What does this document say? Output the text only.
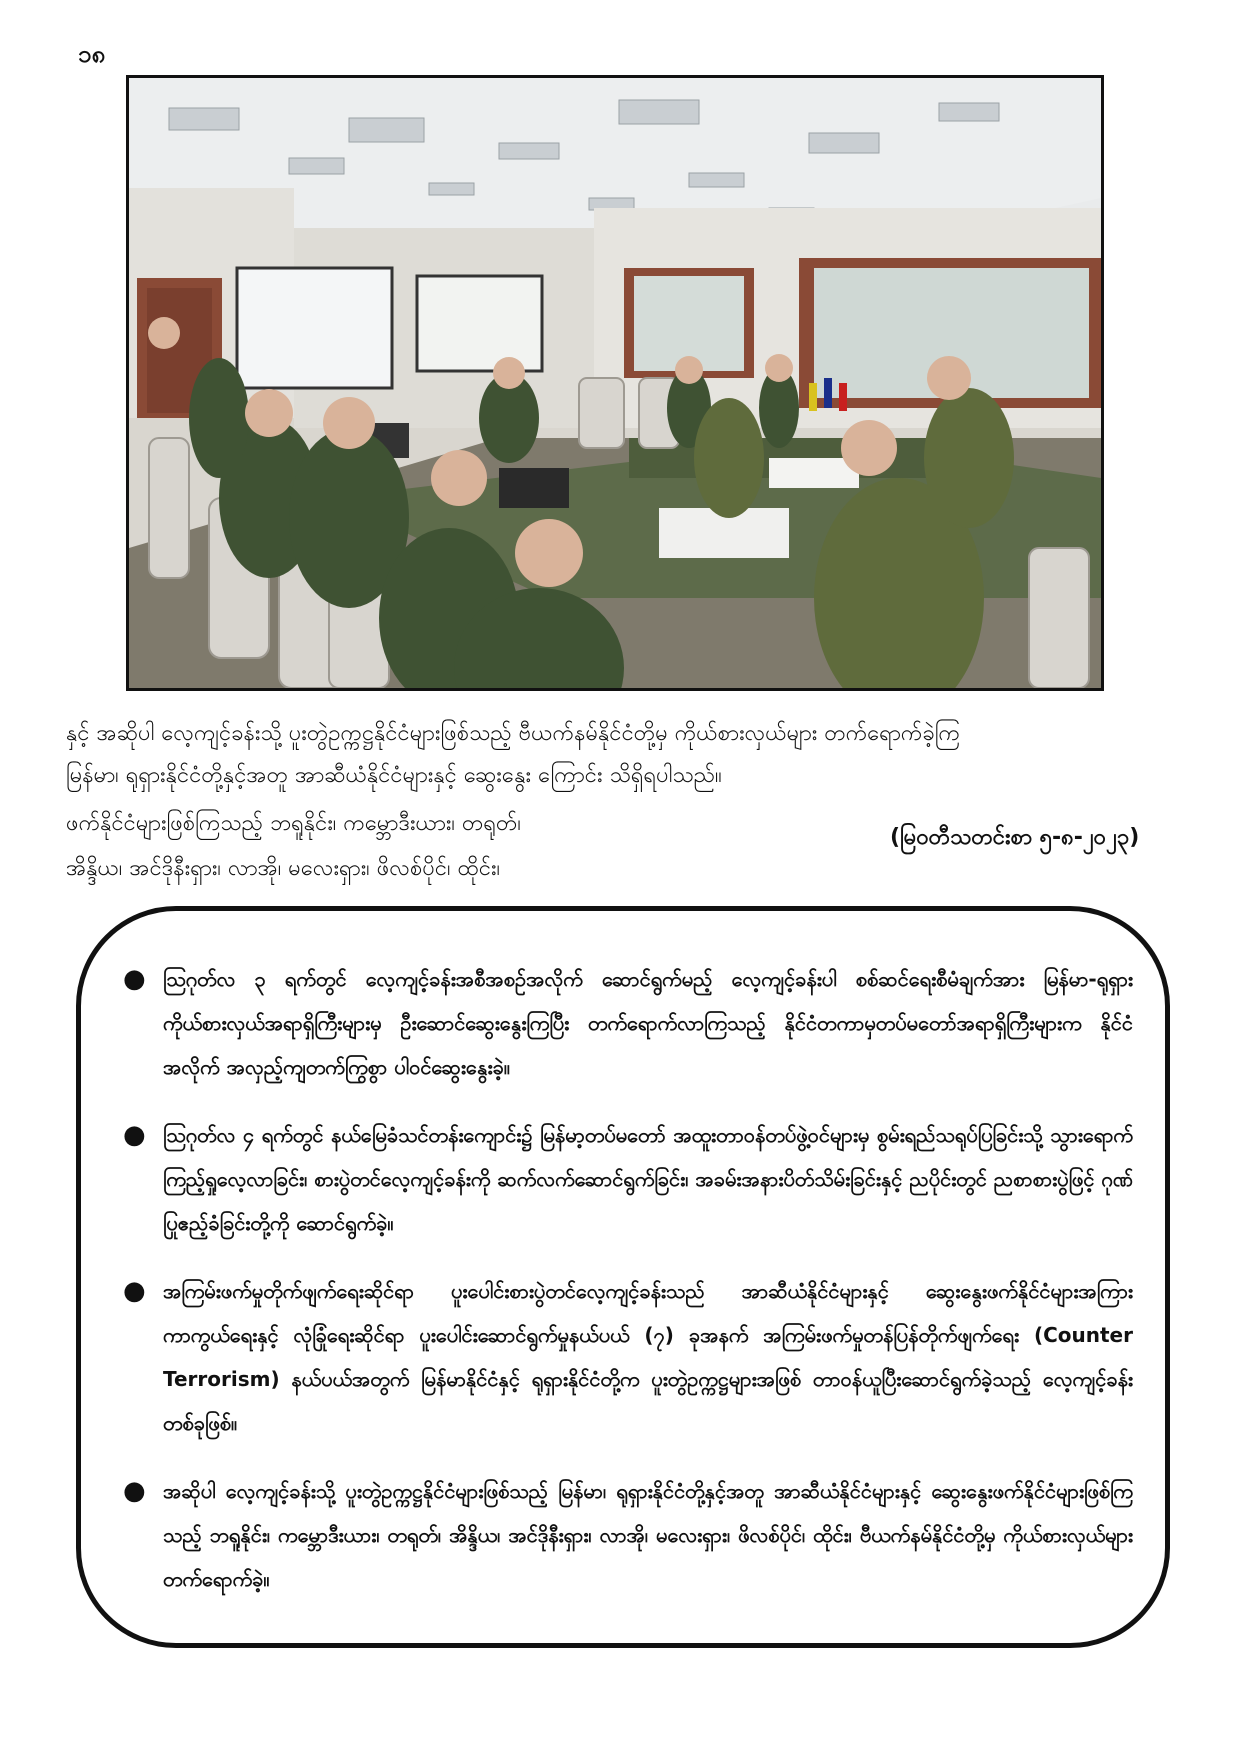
၁၈
နှင့် အဆိုပါ လေ့ကျင့်ခန်းသို့ ပူးတွဲဥက္ကဋ္ဌနိုင်ငံများဖြစ်သည့် ဗီယက်နမ်နိုင်ငံတို့မှ ကိုယ်စားလှယ်များ တက်ရောက်ခဲ့ကြ
မြန်မာ၊ ရုရှားနိုင်ငံတို့နှင့်အတူ အာဆီယံနိုင်ငံများနှင့် ဆွေးနွေး ကြောင်း သိရှိရပါသည်။
ဖက်နိုင်ငံများဖြစ်ကြသည့် ဘရူနိုင်း၊ ကမ္ဘောဒီးယား၊ တရုတ်၊
အိန္ဒိယ၊ အင်ဒိုနီးရှား၊ လာအို၊ မလေးရှား၊ ဖိလစ်ပိုင်၊ ထိုင်း၊
(မြဝတီသတင်းစာ ၅-၈-၂၀၂၃)
● ဩဂုတ်လ ၃ ရက်တွင် လေ့ကျင့်ခန်းအစီအစဉ်အလိုက် ဆောင်ရွက်မည့် လေ့ကျင့်ခန်းပါ စစ်ဆင်ရေးစီမံချက်အား မြန်မာ-ရုရှား ကိုယ်စားလှယ်အရာရှိကြီးများမှ ဦးဆောင်ဆွေးနွေးကြပြီး တက်ရောက်လာကြသည့် နိုင်ငံတကာမှတပ်မတော်အရာရှိကြီးများက နိုင်ငံအလိုက် အလှည့်ကျတက်ကြွစွာ ပါဝင်ဆွေးနွေးခဲ့။
● ဩဂုတ်လ ၄ ရက်တွင် နယ်မြေခံသင်တန်းကျောင်း၌ မြန်မာ့တပ်မတော် အထူးတာဝန်တပ်ဖွဲ့ဝင်များမှ စွမ်းရည်သရုပ်ပြခြင်းသို့ သွားရောက်ကြည့်ရှုလေ့လာခြင်း၊ စားပွဲတင်လေ့ကျင့်ခန်းကို ဆက်လက်ဆောင်ရွက်ခြင်း၊ အခမ်းအနားပိတ်သိမ်းခြင်းနှင့် ညပိုင်းတွင် ညစာစားပွဲဖြင့် ဂုဏ်ပြုဧည့်ခံခြင်းတို့ကို ဆောင်ရွက်ခဲ့။
● အကြမ်းဖက်မှုတိုက်ဖျက်ရေးဆိုင်ရာ ပူးပေါင်းစားပွဲတင်လေ့ကျင့်ခန်းသည် အာဆီယံနိုင်ငံများနှင့် ဆွေးနွေးဖက်နိုင်ငံများအကြား ကာကွယ်ရေးနှင့် လုံခြုံရေးဆိုင်ရာ ပူးပေါင်းဆောင်ရွက်မှုနယ်ပယ် (၇) ခုအနက် အကြမ်းဖက်မှုတန်ပြန်တိုက်ဖျက်ရေး (Counter Terrorism) နယ်ပယ်အတွက် မြန်မာနိုင်ငံနှင့် ရုရှားနိုင်ငံတို့က ပူးတွဲဥက္ကဋ္ဌများအဖြစ် တာဝန်ယူပြီးဆောင်ရွက်ခဲ့သည့် လေ့ကျင့်ခန်းတစ်ခုဖြစ်။
● အဆိုပါ လေ့ကျင့်ခန်းသို့ ပူးတွဲဥက္ကဋ္ဌနိုင်ငံများဖြစ်သည့် မြန်မာ၊ ရုရှားနိုင်ငံတို့နှင့်အတူ အာဆီယံနိုင်ငံများနှင့် ဆွေးနွေးဖက်နိုင်ငံများဖြစ်ကြသည့် ဘရူနိုင်း၊ ကမ္ဘောဒီးယား၊ တရုတ်၊ အိန္ဒိယ၊ အင်ဒိုနီးရှား၊ လာအို၊ မလေးရှား၊ ဖိလစ်ပိုင်၊ ထိုင်း၊ ဗီယက်နမ်နိုင်ငံတို့မှ ကိုယ်စားလှယ်များ တက်ရောက်ခဲ့။
